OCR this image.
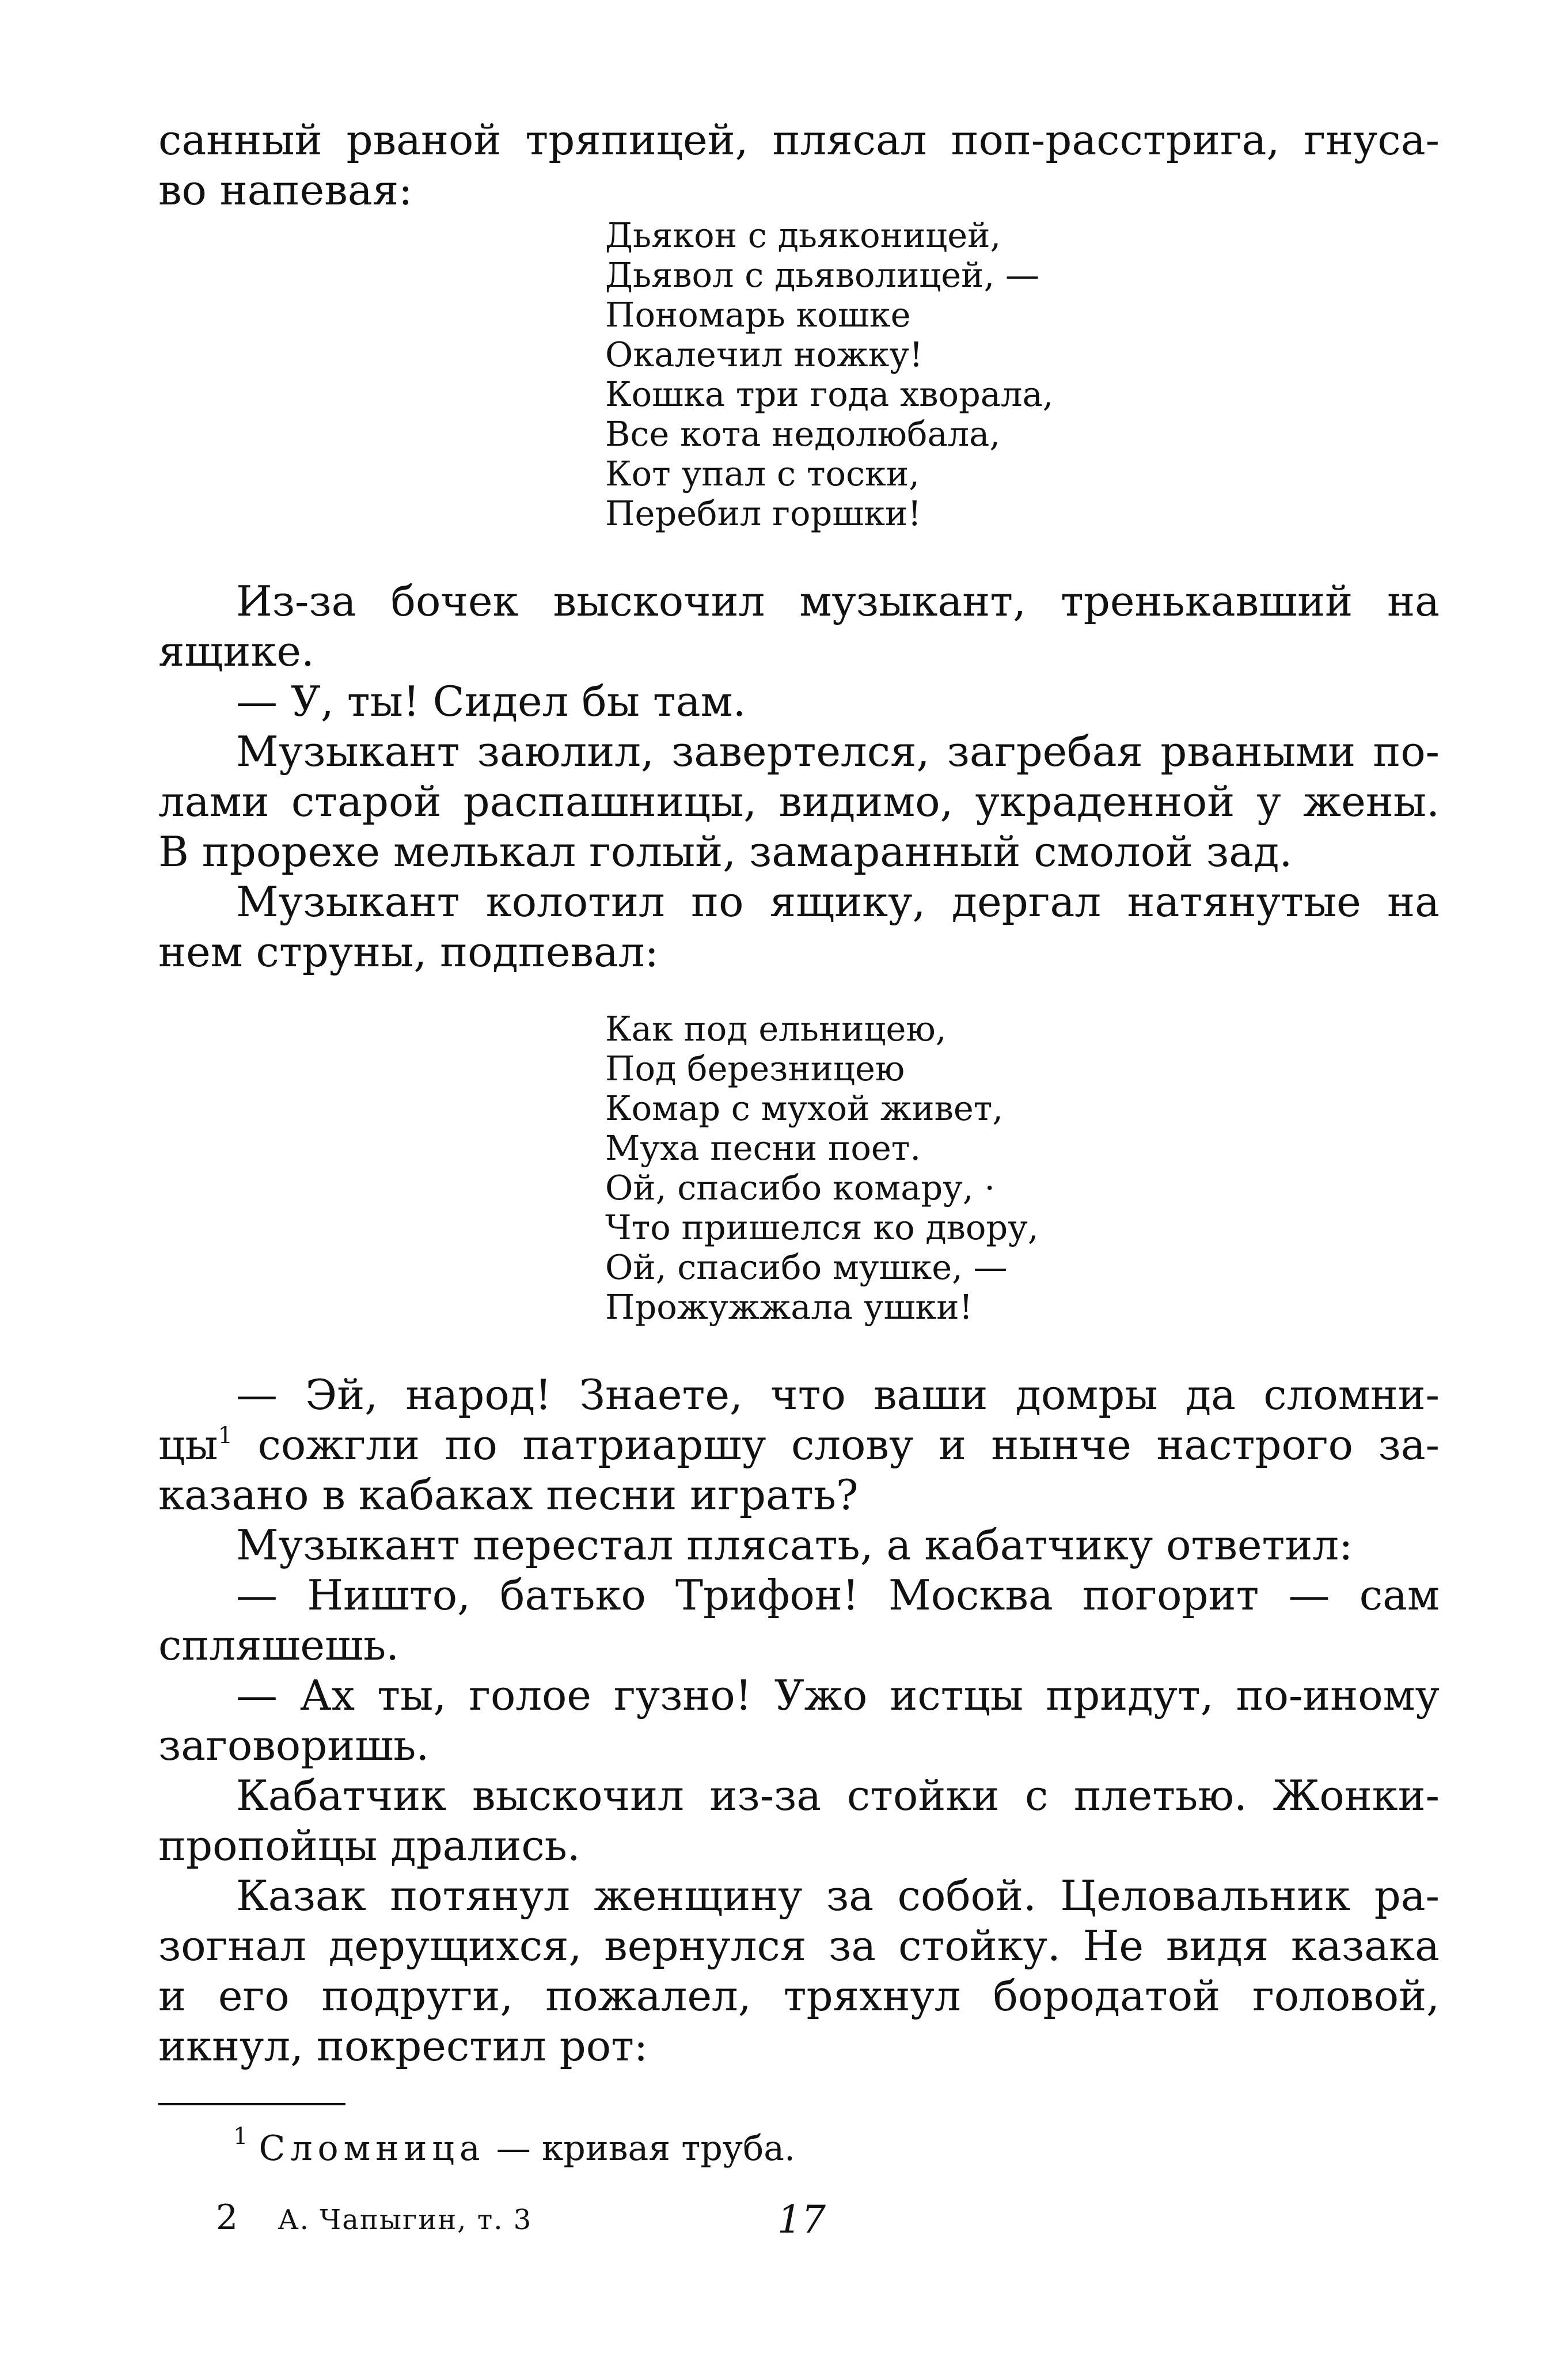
санный рваной тряпицей, плясал поп-расстрига, гнуса-

во напевая:

Дьякон с дьяконицей,
Дьявол с дьяволицей, —
Пономарь кошке
Окалечил ножку!
Кошка три года хворала,
Все кота недолюбала,
Кот упал с тоски,
Перебил горшки!

Из-за бочек выскочил музыкант, тренькавший на

ящике.

— У, ты! Сидел бы там.

Музыкант заюлил, завертелся, загребая рваными по-

лами старой распашницы, видимо, украденной у жены.

В прорехе мелькал голый, замаранный смолой зад.

Музыкант колотил по ящику, дергал натянутые на

нем струны, подпевал:

Как под ельницею,
Под березницею
Комар с мухой живет,
Муха песни поет.
Ой, спасибо комару, ·
Что пришелся ко двору,
Ой, спасибо мушке, —
Прожужжала ушки!

— Эй, народ! Знаете, что ваши домры да сломни-

$цы^1$ сожгли по патриаршу слову и нынче настрого за-

казано в кабаках песни играть?

Музыкант перестал плясать, а кабатчику ответил:

— Ништо, батько Трифон! Москва погорит — сам

спляшешь.

— Ах ты, голое гузно! Ужо истцы придут, по-иному

заговоришь.

Кабатчик выскочил из-за стойки с плетью. Жонки-

пропойцы дрались.

Казак потянул женщину за собой. Целовальник ра-

зогнал дерущихся, вернулся за стойку. Не видя казака

и его подруги, пожалел, тряхнул бородатой головой,

икнул, покрестил рот:

$^1$ Сломница — кривая труба.
2 А. Чапыгин, т. 3	17
